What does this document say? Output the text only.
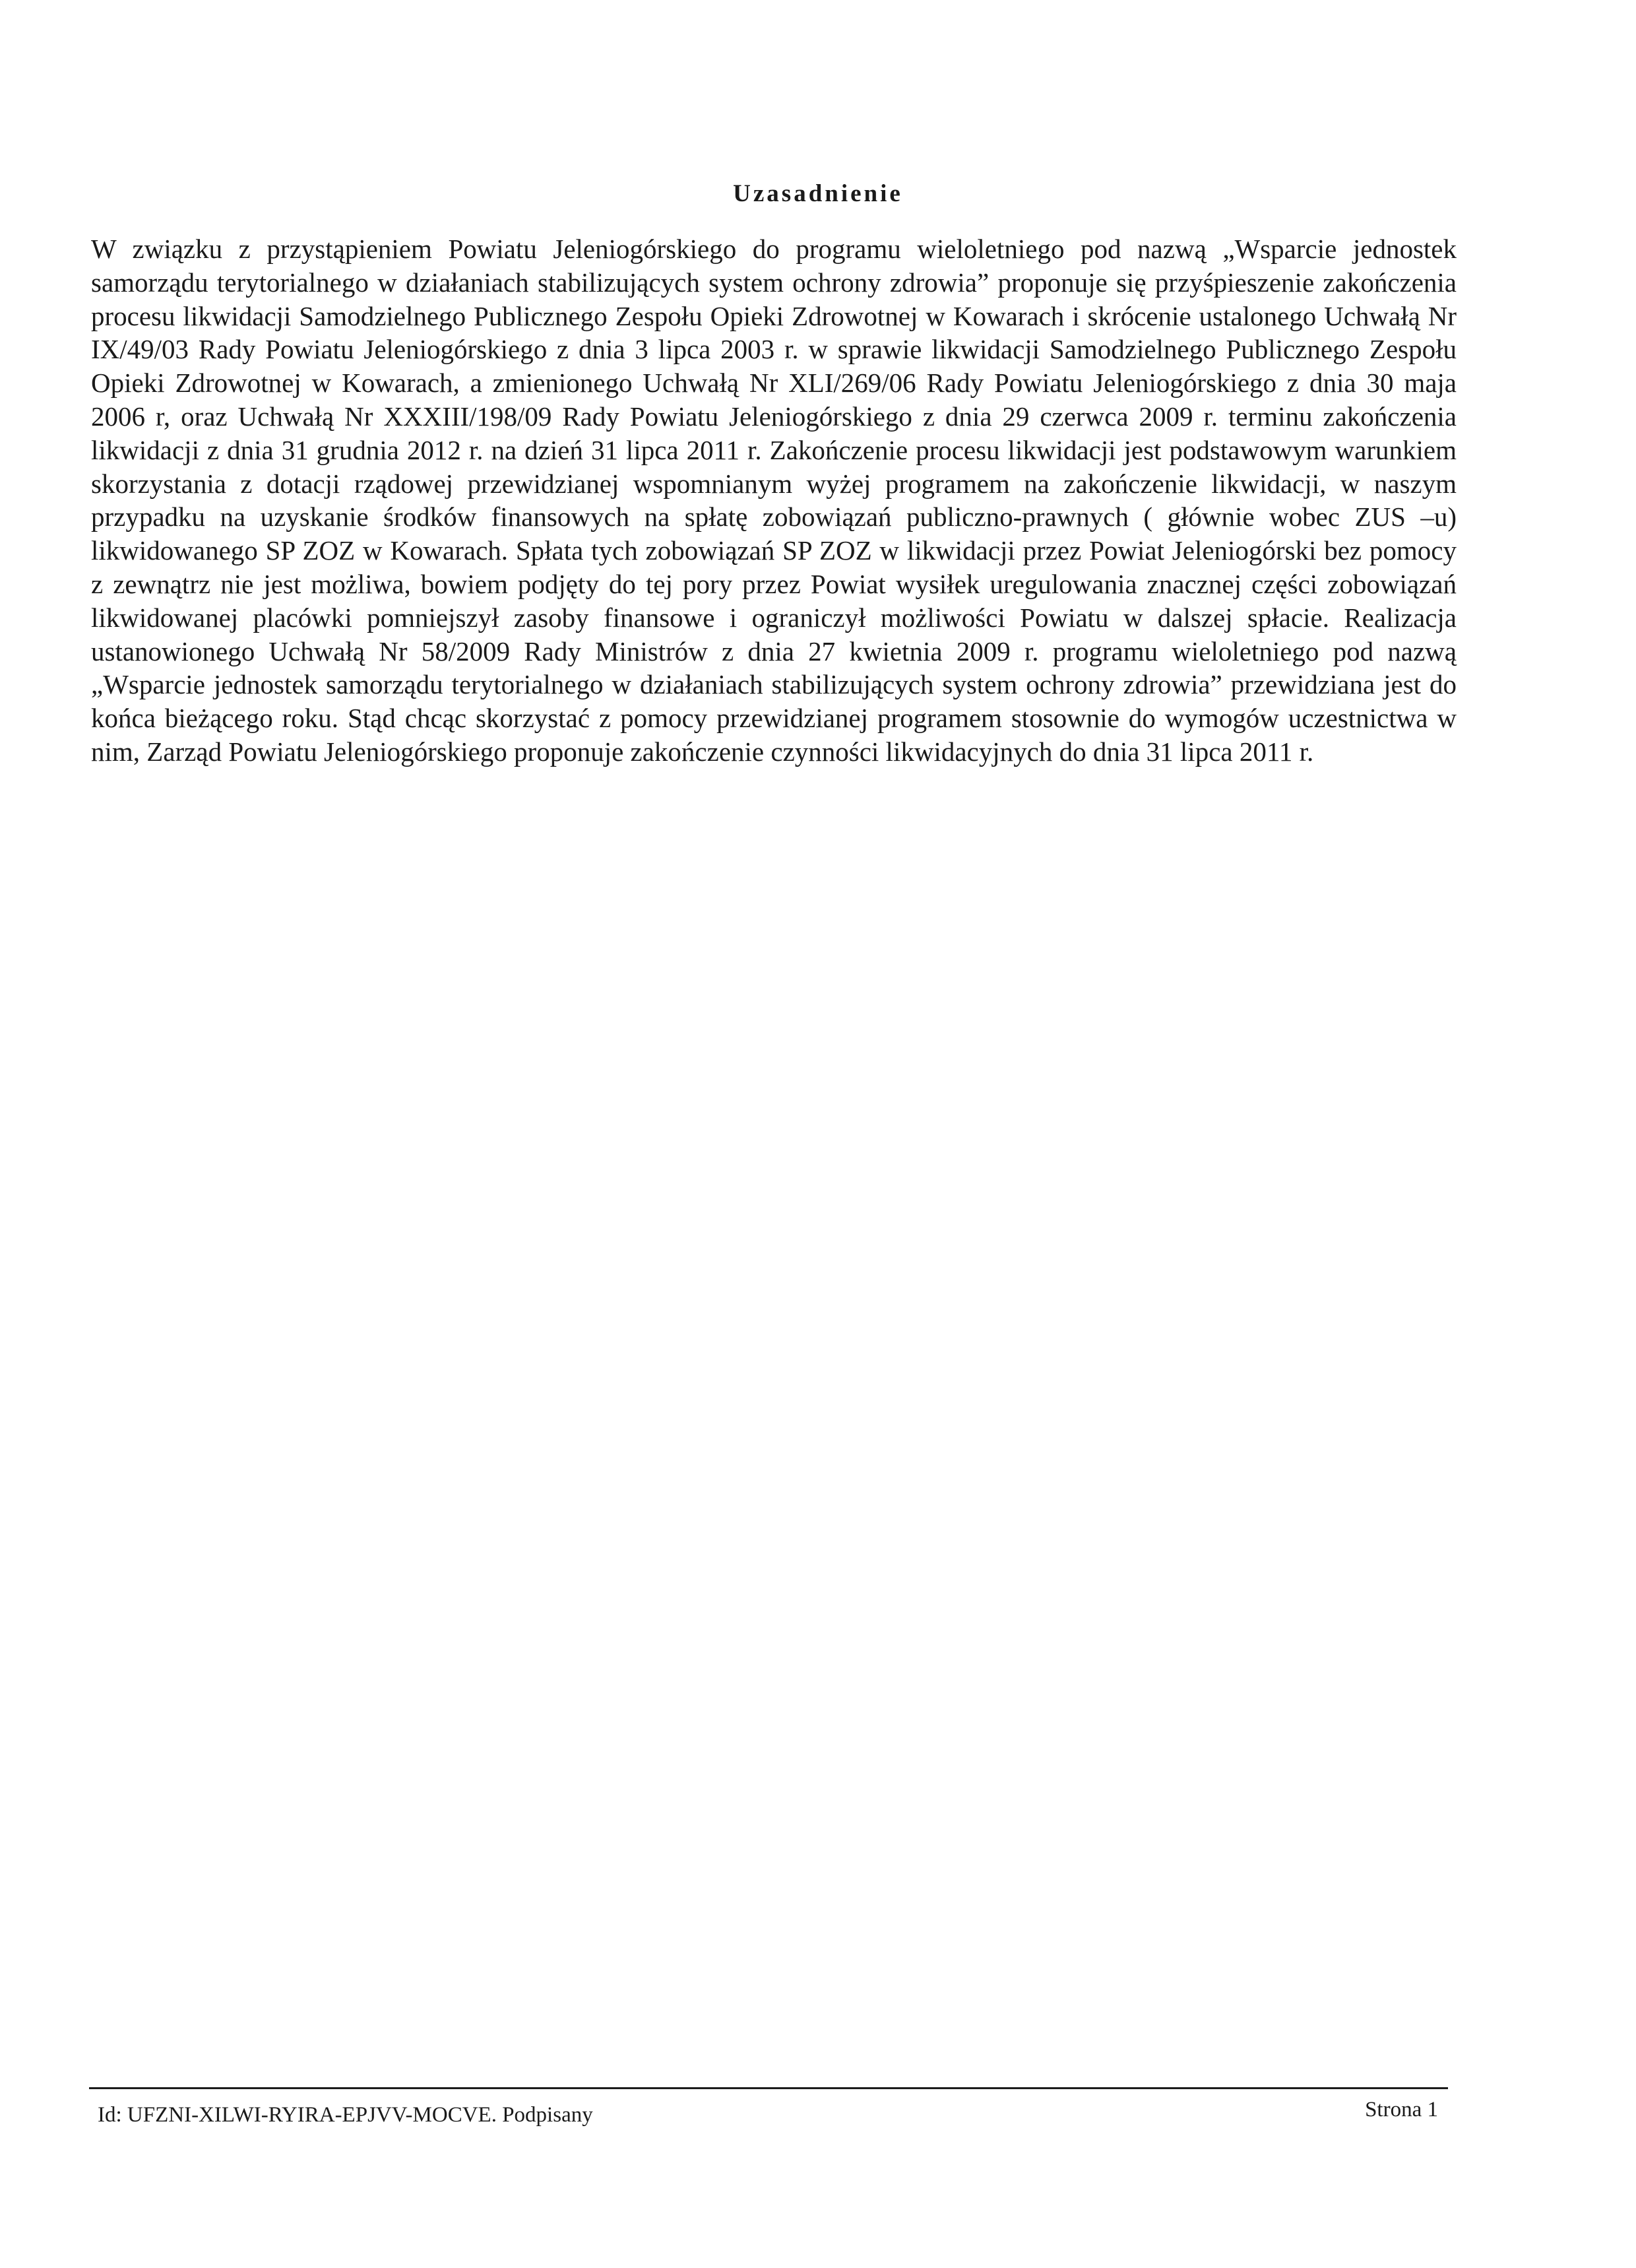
Uzasadnienie

W związku z przystąpieniem Powiatu Jeleniogórskiego do programu wieloletniego pod nazwą „Wsparcie jednostek samorządu terytorialnego w działaniach stabilizujących system ochrony zdrowia” proponuje się przyśpieszenie zakończenia procesu likwidacji Samodzielnego Publicznego Zespołu Opieki Zdrowotnej w Kowarach i skrócenie ustalonego Uchwałą Nr IX/49/03 Rady Powiatu Jeleniogórskiego z dnia 3 lipca 2003 r. w sprawie likwidacji Samodzielnego Publicznego Zespołu Opieki Zdrowotnej w Kowarach, a zmienionego Uchwałą Nr XLI/269/06 Rady Powiatu Jeleniogórskiego z dnia 30 maja 2006 r, oraz Uchwałą Nr XXXIII/198/09 Rady Powiatu Jeleniogórskiego z dnia 29 czerwca 2009 r. terminu zakończenia likwidacji z dnia 31 grudnia 2012 r. na dzień 31 lipca 2011 r. Zakończenie procesu likwidacji jest podstawowym warunkiem skorzystania z dotacji rządowej przewidzianej wspomnianym wyżej programem na zakończenie likwidacji, w naszym przypadku na uzyskanie środków finansowych na spłatę zobowiązań publiczno-prawnych ( głównie wobec ZUS –u) likwidowanego SP ZOZ w Kowarach. Spłata tych zobowiązań SP ZOZ w likwidacji przez Powiat Jeleniogórski bez pomocy z zewnątrz nie jest możliwa, bowiem podjęty do tej pory przez Powiat wysiłek uregulowania znacznej części zobowiązań likwidowanej placówki pomniejszył zasoby finansowe i ograniczył możliwości Powiatu w dalszej spłacie. Realizacja ustanowionego Uchwałą Nr 58/2009 Rady Ministrów z dnia 27 kwietnia 2009 r. programu wieloletniego pod nazwą „Wsparcie jednostek samorządu terytorialnego w działaniach stabilizujących system ochrony zdrowia” przewidziana jest do końca bieżącego roku. Stąd chcąc skorzystać z pomocy przewidzianej programem stosownie do wymogów uczestnictwa w nim, Zarząd Powiatu Jeleniogórskiego proponuje zakończenie czynności likwidacyjnych do dnia 31 lipca 2011 r.

Id: UFZNI-XILWI-RYIRA-EPJVV-MOCVE. Podpisany	Strona 1
